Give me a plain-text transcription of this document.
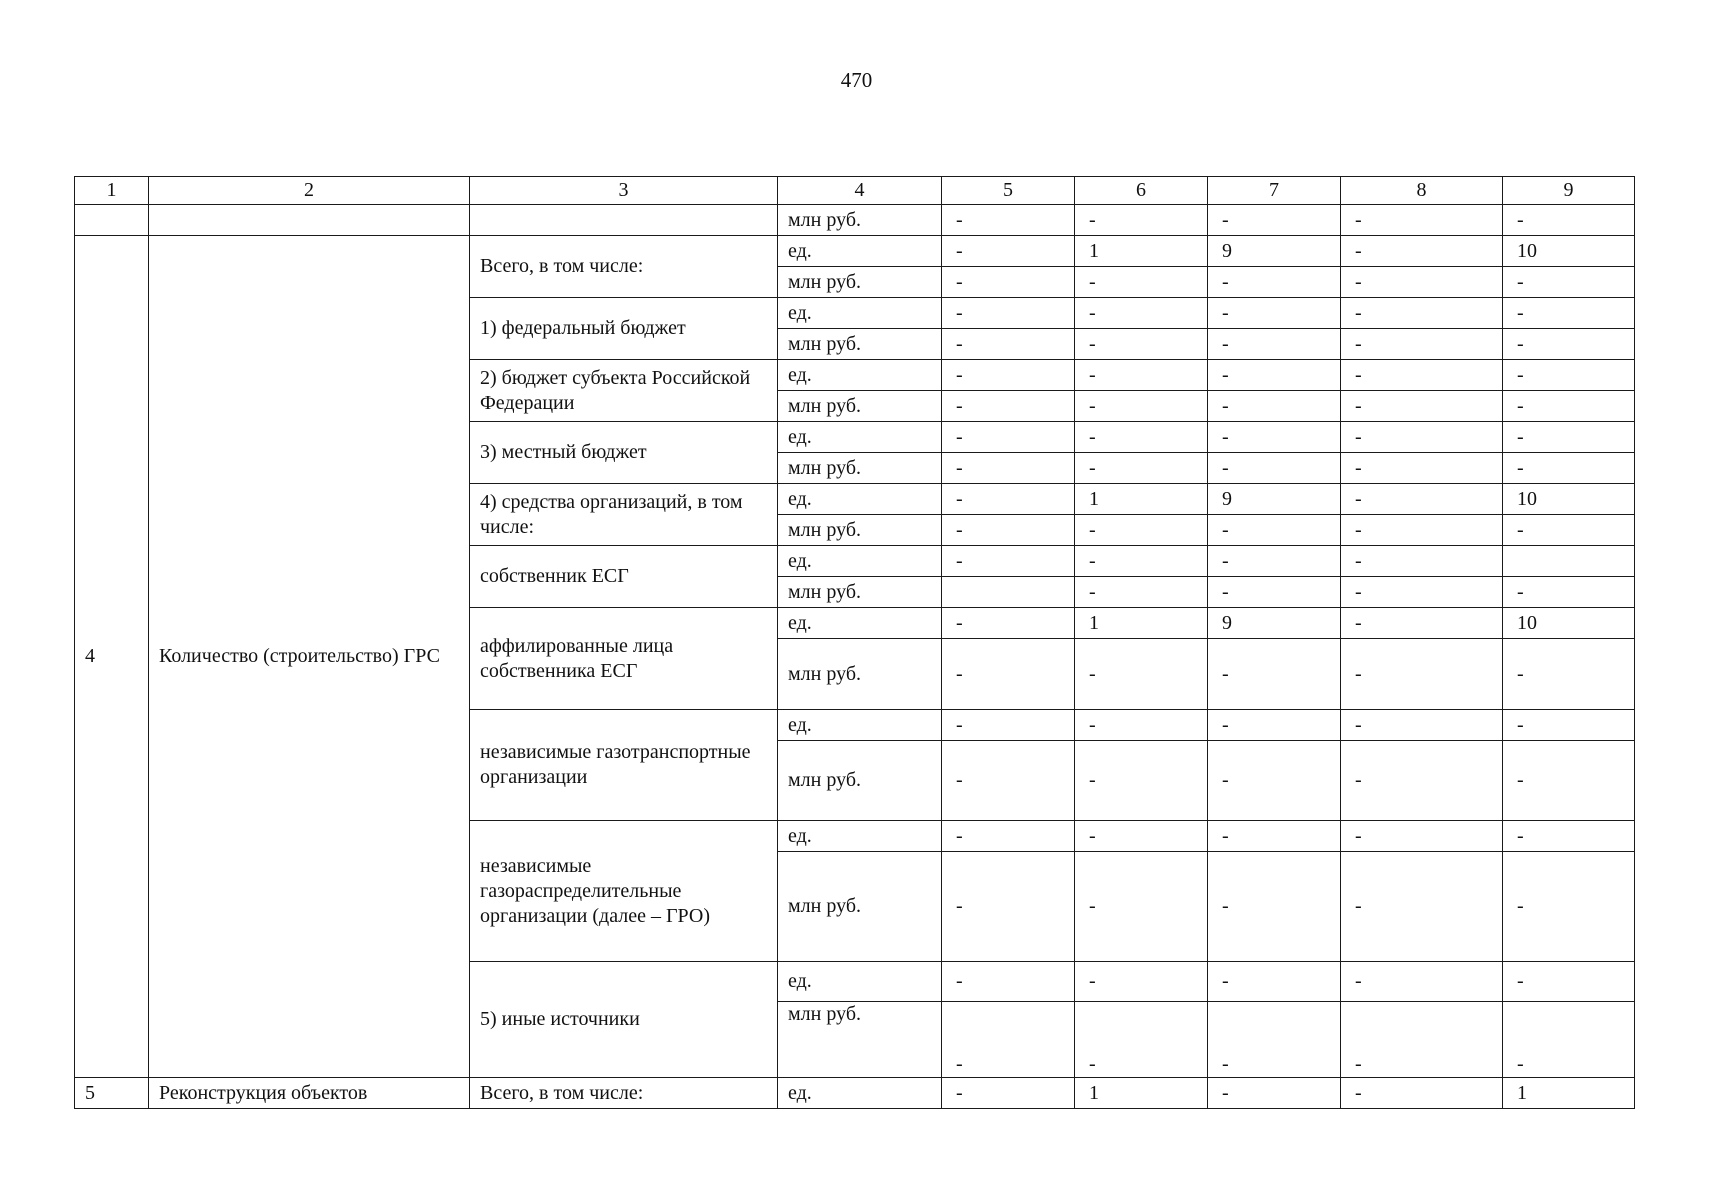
470
1	2	3	4	5	6	7	8	9
			млн руб.	-	-	-	-	-
4	Количество (строительство) ГРС	Всего, в том числе:	ед.	-	1	9	-	10
			млн руб.	-	-	-	-	-
		1) федеральный бюджет	ед.	-	-	-	-	-
			млн руб.	-	-	-	-	-
		2) бюджет субъекта Российской Федерации	ед.	-	-	-	-	-
			млн руб.	-	-	-	-	-
		3) местный бюджет	ед.	-	-	-	-	-
			млн руб.	-	-	-	-	-
		4) средства организаций, в том числе:	ед.	-	1	9	-	10
			млн руб.	-	-	-	-	-
		собственник ЕСГ	ед.	-	-	-	-	
			млн руб.		-	-	-	-
		аффилированные лица собственника ЕСГ	ед.	-	1	9	-	10
			млн руб.	-	-	-	-	-
		независимые газотранспортные организации	ед.	-	-	-	-	-
			млн руб.	-	-	-	-	-
		независимые газораспределительные организации (далее – ГРО)	ед.	-	-	-	-	-
			млн руб.	-	-	-	-	-
		5) иные источники	ед.	-	-	-	-	-
			млн руб.	-	-	-	-	-
5	Реконструкция объектов	Всего, в том числе:	ед.	-	1	-	-	1
